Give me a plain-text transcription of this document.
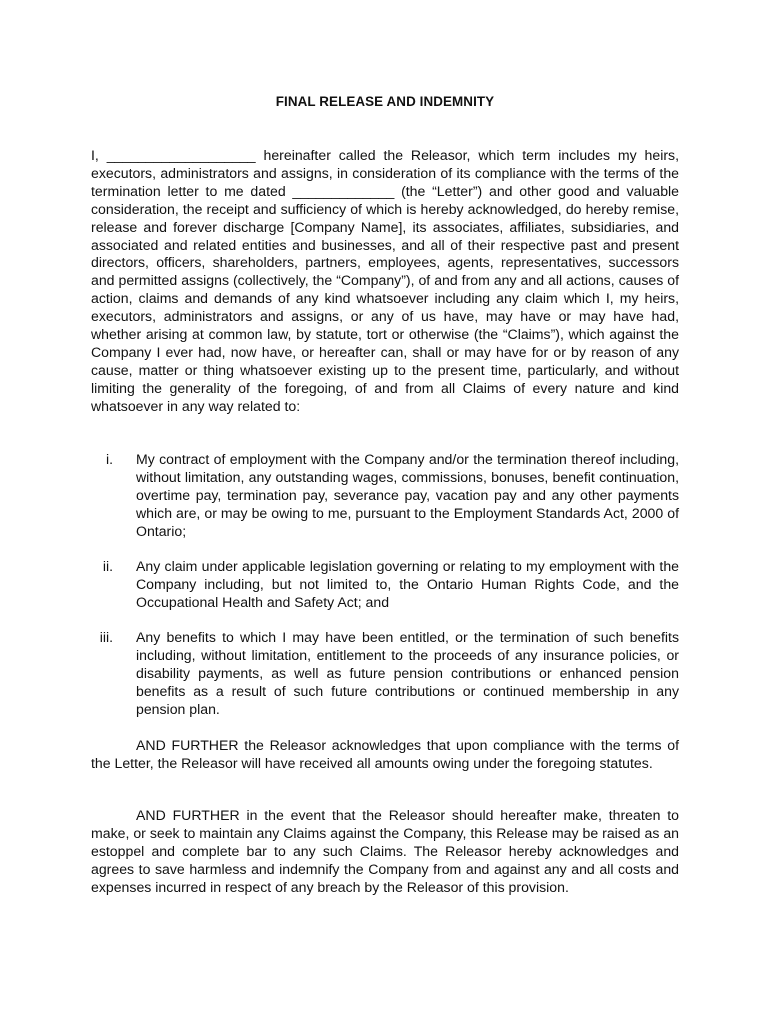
FINAL RELEASE AND INDEMNITY
I, ___________________ hereinafter called the Releasor, which term includes my heirs, executors, administrators and assigns, in consideration of its compliance with the terms of the termination letter to me dated _____________ (the “Letter”) and other good and valuable consideration, the receipt and sufficiency of which is hereby acknowledged, do hereby remise, release and forever discharge [Company Name], its associates, affiliates, subsidiaries, and associated and related entities and businesses, and all of their respective past and present directors, officers, shareholders, partners, employees, agents, representatives, successors and permitted assigns (collectively, the “Company”), of and from any and all actions, causes of action, claims and demands of any kind whatsoever including any claim which I, my heirs, executors, administrators and assigns, or any of us have, may have or may have had, whether arising at common law, by statute, tort or otherwise (the “Claims”), which against the Company I ever had, now have, or hereafter can, shall or may have for or by reason of any cause, matter or thing whatsoever existing up to the present time, particularly, and without limiting the generality of the foregoing, of and from all Claims of every nature and kind whatsoever in any way related to:
i. My contract of employment with the Company and/or the termination thereof including, without limitation, any outstanding wages, commissions, bonuses, benefit continuation, overtime pay, termination pay, severance pay, vacation pay and any other payments which are, or may be owing to me, pursuant to the Employment Standards Act, 2000 of Ontario;
ii. Any claim under applicable legislation governing or relating to my employment with the Company including, but not limited to, the Ontario Human Rights Code, and the Occupational Health and Safety Act; and
iii. Any benefits to which I may have been entitled, or the termination of such benefits including, without limitation, entitlement to the proceeds of any insurance policies, or disability payments, as well as future pension contributions or enhanced pension benefits as a result of such future contributions or continued membership in any pension plan.
AND FURTHER the Releasor acknowledges that upon compliance with the terms of the Letter, the Releasor will have received all amounts owing under the foregoing statutes.
AND FURTHER in the event that the Releasor should hereafter make, threaten to make, or seek to maintain any Claims against the Company, this Release may be raised as an estoppel and complete bar to any such Claims. The Releasor hereby acknowledges and agrees to save harmless and indemnify the Company from and against any and all costs and expenses incurred in respect of any breach by the Releasor of this provision.
